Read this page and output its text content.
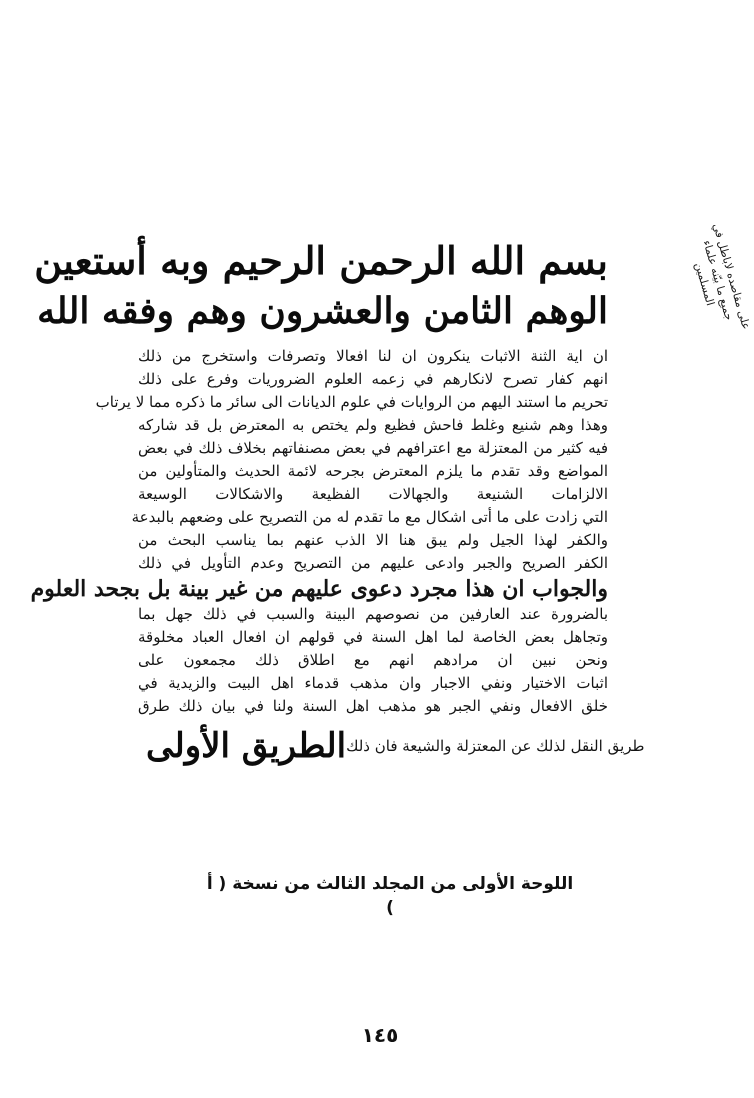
بسم الله الرحمن الرحيم وبه أستعين
الوهم الثامن والعشرون وهم وفقه الله	على مقاصده لاباطل في جميع ما بيّنه علماء المسلمين
ان اية الثنة الاثبات ينكرون ان لنا افعالا وتصرفات واستخرج من ذلك
انهم كفار تصرح لانكارهم في زعمه العلوم الضروريات وفرع على ذلك
تحريم ما استند اليهم من الروايات في علوم الديانات الى سائر ما ذكره مما لا يرتاب
وهذا وهم شنيع وغلط فاحش فظيع ولم يختص به المعترض بل قد شاركه
فيه كثير من المعتزلة مع اعترافهم في بعض مصنفاتهم بخلاف ذلك في بعض
المواضع وقد تقدم ما يلزم المعترض بجرحه لائمة الحديث والمتأولين من
الالزامات الشنيعة والجهالات الفظيعة والاشكالات الوسيعة
التي زادت على ما أتى اشكال مع ما تقدم له من التصريح على وضعهم بالبدعة
والكفر لهذا الجيل ولم يبق هنا الا الذب عنهم بما يناسب البحث من
الكفر الصريح والجبر وادعى عليهم من التصريح وعدم التأويل في ذلك
والجواب ان هذا مجرد دعوى عليهم من غير بينة بل بجحد العلوم
بالضرورة عند العارفين من نصوصهم البينة والسبب في ذلك جهل بما
وتجاهل بعض الخاصة لما اهل السنة في قولهم ان افعال العباد مخلوقة
ونحن نبين ان مرادهم انهم مع اطلاق ذلك مجمعون على
اثبات الاختيار ونفي الاجبار وان مذهب قدماء اهل البيت والزيدية في
خلق الافعال ونفي الجبر هو مذهب اهل السنة ولنا في بيان ذلك طرق
الطريق الأولى طريق النقل لذلك عن المعتزلة والشيعة فان ذلك
اللوحة الأولى من المجلد الثالث من نسخة ( أ )
١٤٥
